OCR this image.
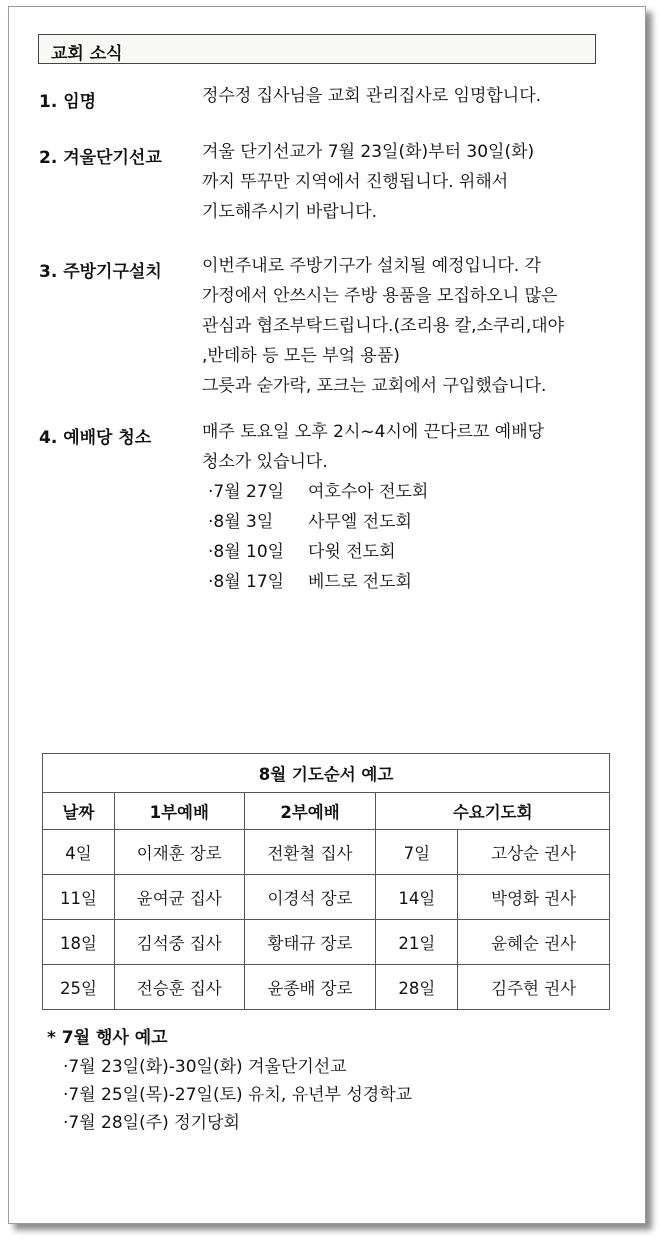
교회 소식
1. 임명	정수정 집사님을 교회 관리집사로 임명합니다.
2. 겨울단기선교 겨울 단기선교가 7월 23일(화)부터 30일(화)
까지 뚜꾸만 지역에서 진행됩니다. 위해서
기도해주시기 바랍니다.
3. 주방기구설치 이번주내로 주방기구가 설치될 예정입니다. 각
가정에서 안쓰시는 주방 용품을 모집하오니 많은
관심과 협조부탁드립니다.(조리용 칼,소쿠리,대야
,반데하 등 모든 부엌 용품)
그릇과 숟가락, 포크는 교회에서 구입했습니다.
4. 예배당 청소	매주 토요일 오후 2시~4시에 끈다르꼬 예배당
청소가 있습니다.
·7월 27일 여호수아 전도회
·8월 3일 사무엘 전도회
·8월 10일 다윗 전도회
·8월 17일 베드로 전도회
8월 기도순서 예고				
날짜	1부예배	2부예배	수요기도회	
4일	이재훈 장로	전환철 집사	7일	고상순 권사
11일	윤여균 집사	이경석 장로	14일	박영화 권사
18일	김석중 집사	황태규 장로	21일	윤혜순 권사
25일	전승훈 집사	윤종배 장로	28일	김주현 권사
* 7월 행사 예고
·7월 23일(화)-30일(화) 겨울단기선교
·7월 25일(목)-27일(토) 유치, 유년부 성경학교
·7월 28일(주) 정기당회
